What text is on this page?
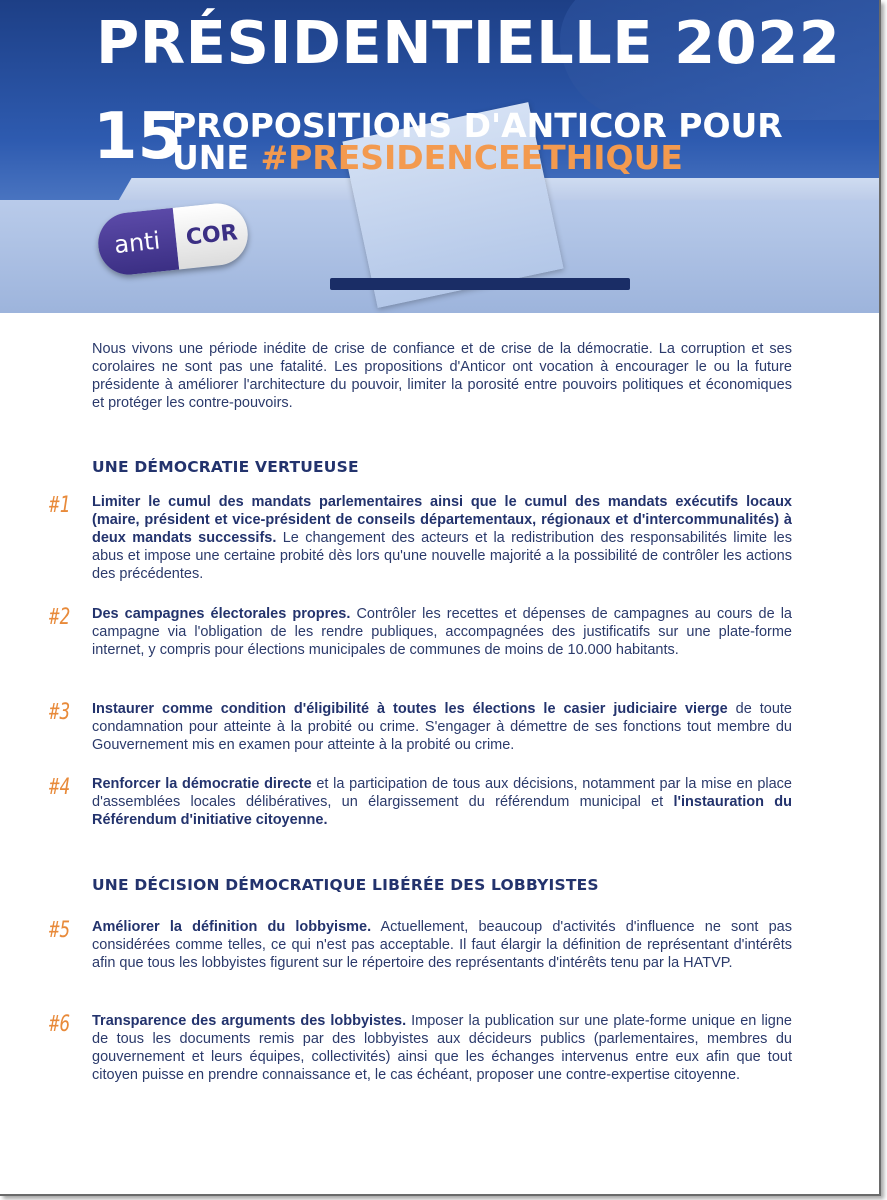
PRÉSIDENTIELLE 2022
15
PROPOSITIONS D'ANTICOR POUR
UNE #PRESIDENCEETHIQUE
anti	COR

Nous vivons une période inédite de crise de confiance et de crise de la démocratie. La corruption et ses corolaires ne sont pas une fatalité. Les propositions d'Anticor ont vocation à encourager le ou la future présidente à améliorer l'architecture du pouvoir, limiter la porosité entre pouvoirs politiques et économiques et protéger les contre-pouvoirs.

UNE DÉMOCRATIE VERTUEUSE
#1 Limiter le cumul des mandats parlementaires ainsi que le cumul des mandats exécutifs locaux (maire, président et vice-président de conseils départementaux, régionaux et d'intercommunalités) à deux mandats successifs. Le changement des acteurs et la redistribution des responsabilités limite les abus et impose une certaine probité dès lors qu'une nouvelle majorité a la possibilité de contrôler les actions des précédentes.
#2 Des campagnes électorales propres. Contrôler les recettes et dépenses de campagnes au cours de la campagne via l'obligation de les rendre publiques, accompagnées des justificatifs sur une plate-forme internet, y compris pour élections municipales de communes de moins de 10.000 habitants.
#3 Instaurer comme condition d'éligibilité à toutes les élections le casier judiciaire vierge de toute condamnation pour atteinte à la probité ou crime. S'engager à démettre de ses fonctions tout membre du Gouvernement mis en examen pour atteinte à la probité ou crime.
#4 Renforcer la démocratie directe et la participation de tous aux décisions, notamment par la mise en place d'assemblées locales délibératives, un élargissement du référendum municipal et l'instauration du Référendum d'initiative citoyenne.
UNE DÉCISION DÉMOCRATIQUE LIBÉRÉE DES LOBBYISTES
#5 Améliorer la définition du lobbyisme. Actuellement, beaucoup d'activités d'influence ne sont pas considérées comme telles, ce qui n'est pas acceptable. Il faut élargir la définition de représentant d'intérêts afin que tous les lobbyistes figurent sur le répertoire des représentants d'intérêts tenu par la HATVP.
#6 Transparence des arguments des lobbyistes. Imposer la publication sur une plate-forme unique en ligne de tous les documents remis par des lobbyistes aux décideurs publics (parlementaires, membres du gouvernement et leurs équipes, collectivités) ainsi que les échanges intervenus entre eux afin que tout citoyen puisse en prendre connaissance et, le cas échéant, proposer une contre-expertise citoyenne.
